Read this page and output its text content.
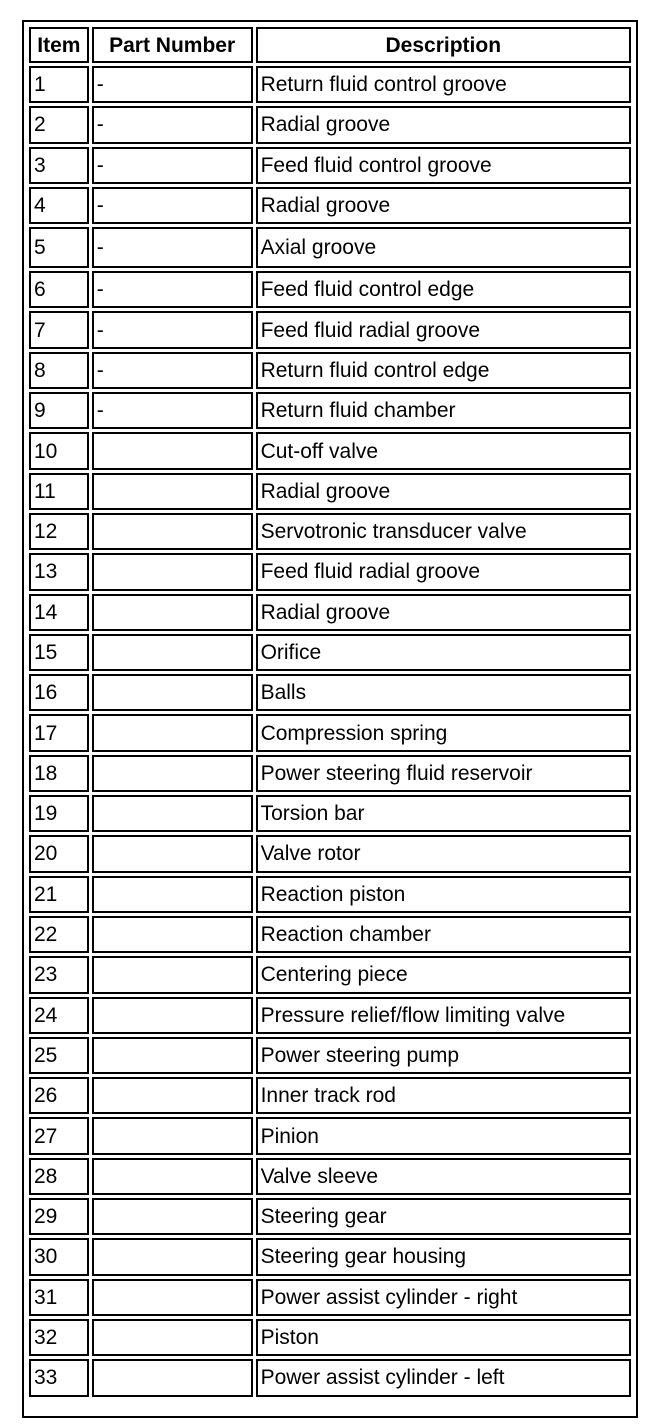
Item	Part Number	Description
1	-	Return fluid control groove
2	-	Radial groove
3	-	Feed fluid control groove
4	-	Radial groove
5	-	Axial groove
6	-	Feed fluid control edge
7	-	Feed fluid radial groove
8	-	Return fluid control edge
9	-	Return fluid chamber
10		Cut-off valve
11		Radial groove
12		Servotronic transducer valve
13		Feed fluid radial groove
14		Radial groove
15		Orifice
16		Balls
17		Compression spring
18		Power steering fluid reservoir
19		Torsion bar
20		Valve rotor
21		Reaction piston
22		Reaction chamber
23		Centering piece
24		Pressure relief/flow limiting valve
25		Power steering pump
26		Inner track rod
27		Pinion
28		Valve sleeve
29		Steering gear
30		Steering gear housing
31		Power assist cylinder - right
32		Piston
33		Power assist cylinder - left
